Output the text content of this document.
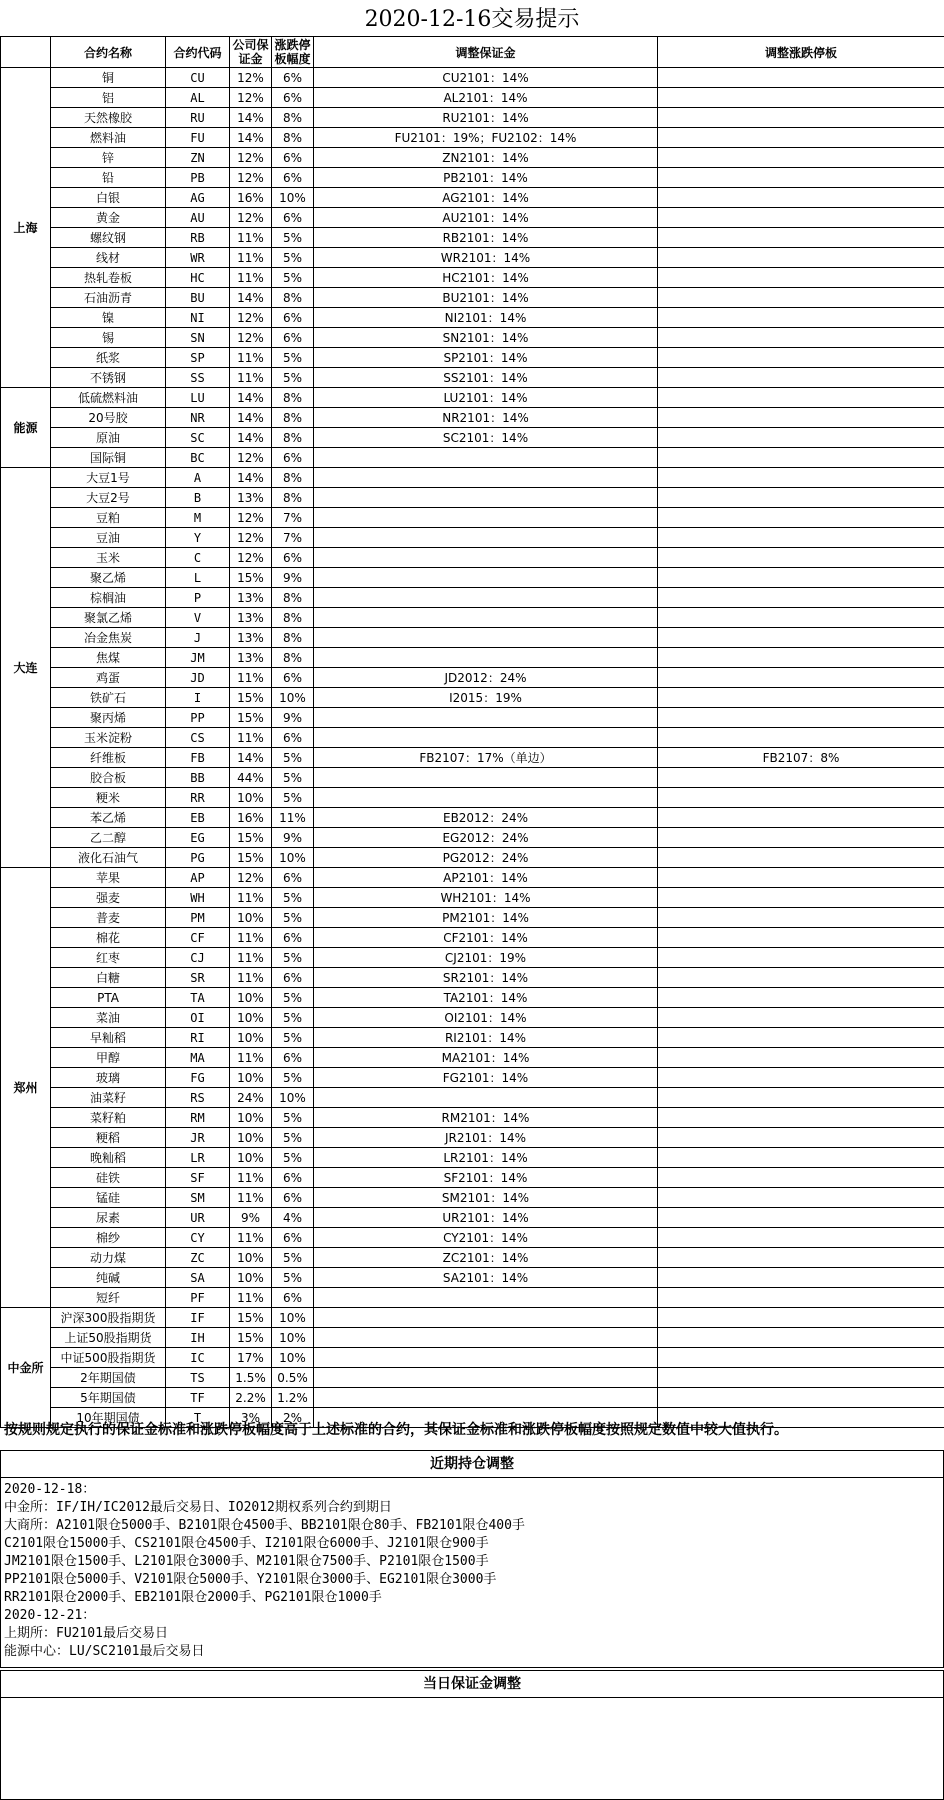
2020-12-16交易提示
	合约名称	合约代码	公司保证金	涨跌停板幅度	调整保证金	调整涨跌停板
上海	铜	CU	12%	6%	CU2101：14%	
	铝	AL	12%	6%	AL2101：14%	
	天然橡胶	RU	14%	8%	RU2101：14%	
	燃料油	FU	14%	8%	FU2101：19%；FU2102：14%	
	锌	ZN	12%	6%	ZN2101：14%	
	铅	PB	12%	6%	PB2101：14%	
	白银	AG	16%	10%	AG2101：14%	
	黄金	AU	12%	6%	AU2101：14%	
	螺纹钢	RB	11%	5%	RB2101：14%	
	线材	WR	11%	5%	WR2101：14%	
	热轧卷板	HC	11%	5%	HC2101：14%	
	石油沥青	BU	14%	8%	BU2101：14%	
	镍	NI	12%	6%	NI2101：14%	
	锡	SN	12%	6%	SN2101：14%	
	纸浆	SP	11%	5%	SP2101：14%	
	不锈钢	SS	11%	5%	SS2101：14%	
能源	低硫燃料油	LU	14%	8%	LU2101：14%	
	20号胶	NR	14%	8%	NR2101：14%	
	原油	SC	14%	8%	SC2101：14%	
	国际铜	BC	12%	6%		
大连	大豆1号	A	14%	8%		
	大豆2号	B	13%	8%		
	豆粕	M	12%	7%		
	豆油	Y	12%	7%		
	玉米	C	12%	6%		
	聚乙烯	L	15%	9%		
	棕榈油	P	13%	8%		
	聚氯乙烯	V	13%	8%		
	冶金焦炭	J	13%	8%		
	焦煤	JM	13%	8%		
	鸡蛋	JD	11%	6%	JD2012：24%	
	铁矿石	I	15%	10%	I2015：19%	
	聚丙烯	PP	15%	9%		
	玉米淀粉	CS	11%	6%		
	纤维板	FB	14%	5%	FB2107：17%（单边）	FB2107：8%
	胶合板	BB	44%	5%		
	粳米	RR	10%	5%		
	苯乙烯	EB	16%	11%	EB2012：24%	
	乙二醇	EG	15%	9%	EG2012：24%	
	液化石油气	PG	15%	10%	PG2012：24%	
郑州	苹果	AP	12%	6%	AP2101：14%	
	强麦	WH	11%	5%	WH2101：14%	
	普麦	PM	10%	5%	PM2101：14%	
	棉花	CF	11%	6%	CF2101：14%	
	红枣	CJ	11%	5%	CJ2101：19%	
	白糖	SR	11%	6%	SR2101：14%	
	PTA	TA	10%	5%	TA2101：14%	
	菜油	OI	10%	5%	OI2101：14%	
	早籼稻	RI	10%	5%	RI2101：14%	
	甲醇	MA	11%	6%	MA2101：14%	
	玻璃	FG	10%	5%	FG2101：14%	
	油菜籽	RS	24%	10%		
	菜籽粕	RM	10%	5%	RM2101：14%	
	粳稻	JR	10%	5%	JR2101：14%	
	晚籼稻	LR	10%	5%	LR2101：14%	
	硅铁	SF	11%	6%	SF2101：14%	
	锰硅	SM	11%	6%	SM2101：14%	
	尿素	UR	9%	4%	UR2101：14%	
	棉纱	CY	11%	6%	CY2101：14%	
	动力煤	ZC	10%	5%	ZC2101：14%	
	纯碱	SA	10%	5%	SA2101：14%	
	短纤	PF	11%	6%		
中金所	沪深300股指期货	IF	15%	10%		
	上证50股指期货	IH	15%	10%		
	中证500股指期货	IC	17%	10%		
	2年期国债	TS	1.5%	0.5%		
	5年期国债	TF	2.2%	1.2%		
	10年期国债	T	3%	2%		
按规则规定执行的保证金标准和涨跌停板幅度高于上述标准的合约，其保证金标准和涨跌停板幅度按照规定数值中较大值执行。
近期持仓调整
2020-12-18：
中金所：IF/IH/IC2012最后交易日、IO2012期权系列合约到期日
大商所：A2101限仓5000手、B2101限仓4500手、BB2101限仓80手、FB2101限仓400手
C2101限仓15000手、CS2101限仓4500手、I2101限仓6000手、J2101限仓900手
JM2101限仓1500手、L2101限仓3000手、M2101限仓7500手、P2101限仓1500手
PP2101限仓5000手、V2101限仓5000手、Y2101限仓3000手、EG2101限仓3000手
RR2101限仓2000手、EB2101限仓2000手、PG2101限仓1000手
2020-12-21：
上期所：FU2101最后交易日
能源中心：LU/SC2101最后交易日
当日保证金调整
